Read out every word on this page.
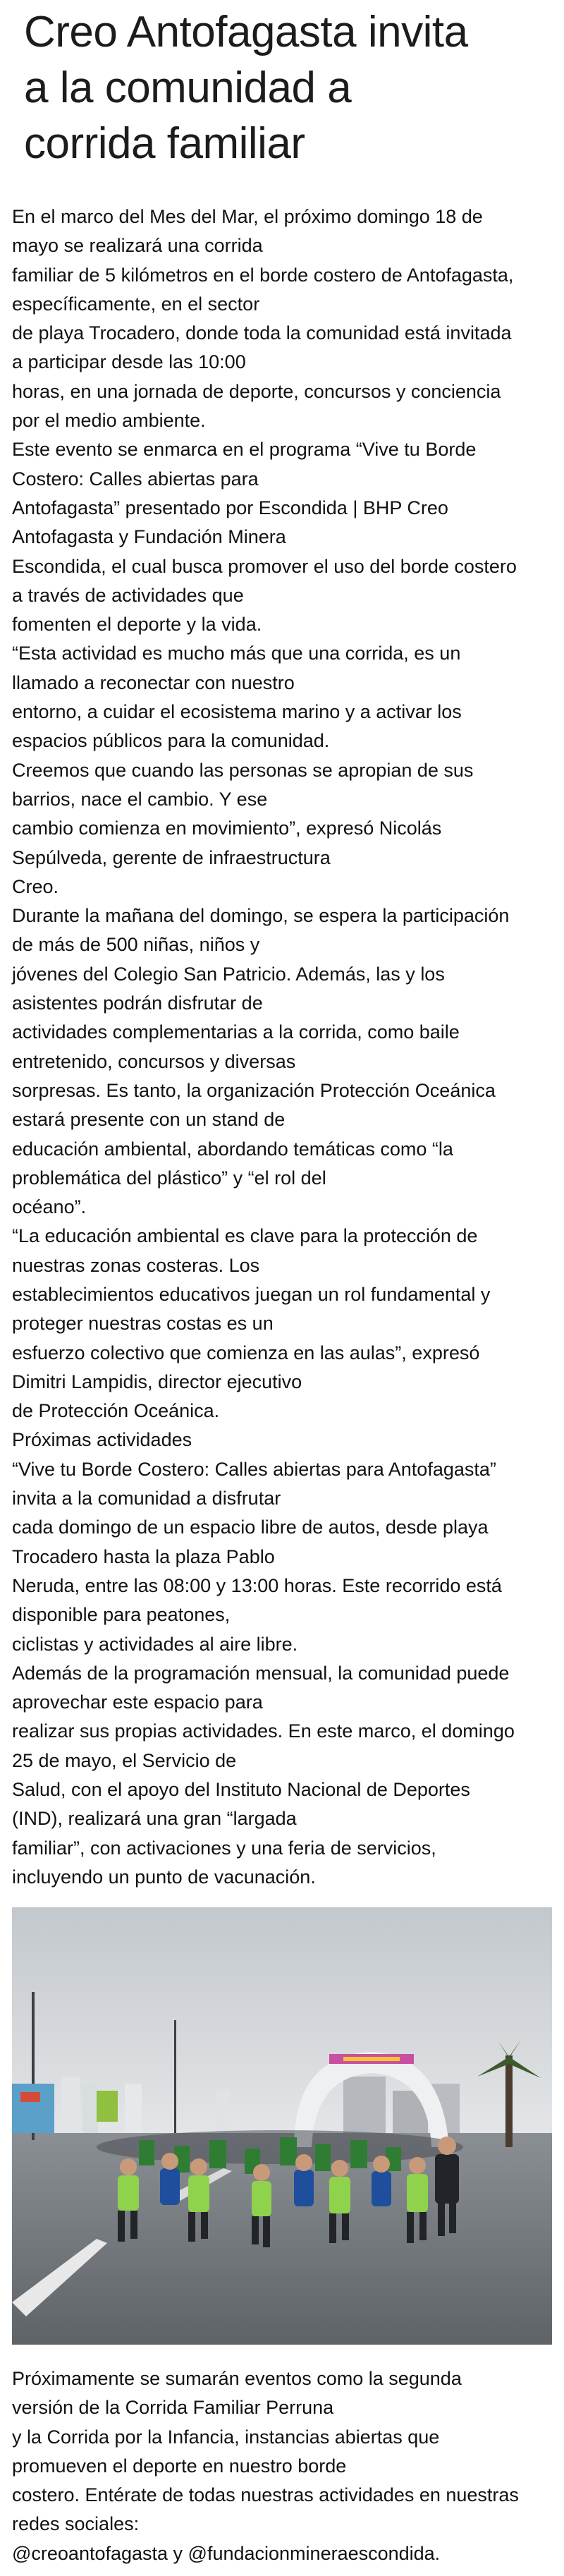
Creo Antofagasta invita
a la comunidad a
corrida familiar
En el marco del Mes del Mar, el próximo domingo 18 de
mayo se realizará una corrida
familiar de 5 kilómetros en el borde costero de Antofagasta,
específicamente, en el sector
de playa Trocadero, donde toda la comunidad está invitada
a participar desde las 10:00
horas, en una jornada de deporte, concursos y conciencia
por el medio ambiente.
Este evento se enmarca en el programa “Vive tu Borde
Costero: Calles abiertas para
Antofagasta” presentado por Escondida | BHP Creo
Antofagasta y Fundación Minera
Escondida, el cual busca promover el uso del borde costero
a través de actividades que
fomenten el deporte y la vida.
“Esta actividad es mucho más que una corrida, es un
llamado a reconectar con nuestro
entorno, a cuidar el ecosistema marino y a activar los
espacios públicos para la comunidad.
Creemos que cuando las personas se apropian de sus
barrios, nace el cambio. Y ese
cambio comienza en movimiento”, expresó Nicolás
Sepúlveda, gerente de infraestructura
Creo.
Durante la mañana del domingo, se espera la participación
de más de 500 niñas, niños y
jóvenes del Colegio San Patricio. Además, las y los
asistentes podrán disfrutar de
actividades complementarias a la corrida, como baile
entretenido, concursos y diversas
sorpresas. Es tanto, la organización Protección Oceánica
estará presente con un stand de
educación ambiental, abordando temáticas como “la
problemática del plástico” y “el rol del
océano”.
“La educación ambiental es clave para la protección de
nuestras zonas costeras. Los
establecimientos educativos juegan un rol fundamental y
proteger nuestras costas es un
esfuerzo colectivo que comienza en las aulas”, expresó
Dimitri Lampidis, director ejecutivo
de Protección Oceánica.
Próximas actividades
“Vive tu Borde Costero: Calles abiertas para Antofagasta”
invita a la comunidad a disfrutar
cada domingo de un espacio libre de autos, desde playa
Trocadero hasta la plaza Pablo
Neruda, entre las 08:00 y 13:00 horas. Este recorrido está
disponible para peatones,
ciclistas y actividades al aire libre.
Además de la programación mensual, la comunidad puede
aprovechar este espacio para
realizar sus propias actividades. En este marco, el domingo
25 de mayo, el Servicio de
Salud, con el apoyo del Instituto Nacional de Deportes
(IND), realizará una gran “largada
familiar”, con activaciones y una feria de servicios,
incluyendo un punto de vacunación.
Próximamente se sumarán eventos como la segunda
versión de la Corrida Familiar Perruna
y la Corrida por la Infancia, instancias abiertas que
promueven el deporte en nuestro borde
costero. Entérate de todas nuestras actividades en nuestras
redes sociales:
@creoantofagasta y @fundacionmineraescondida.
